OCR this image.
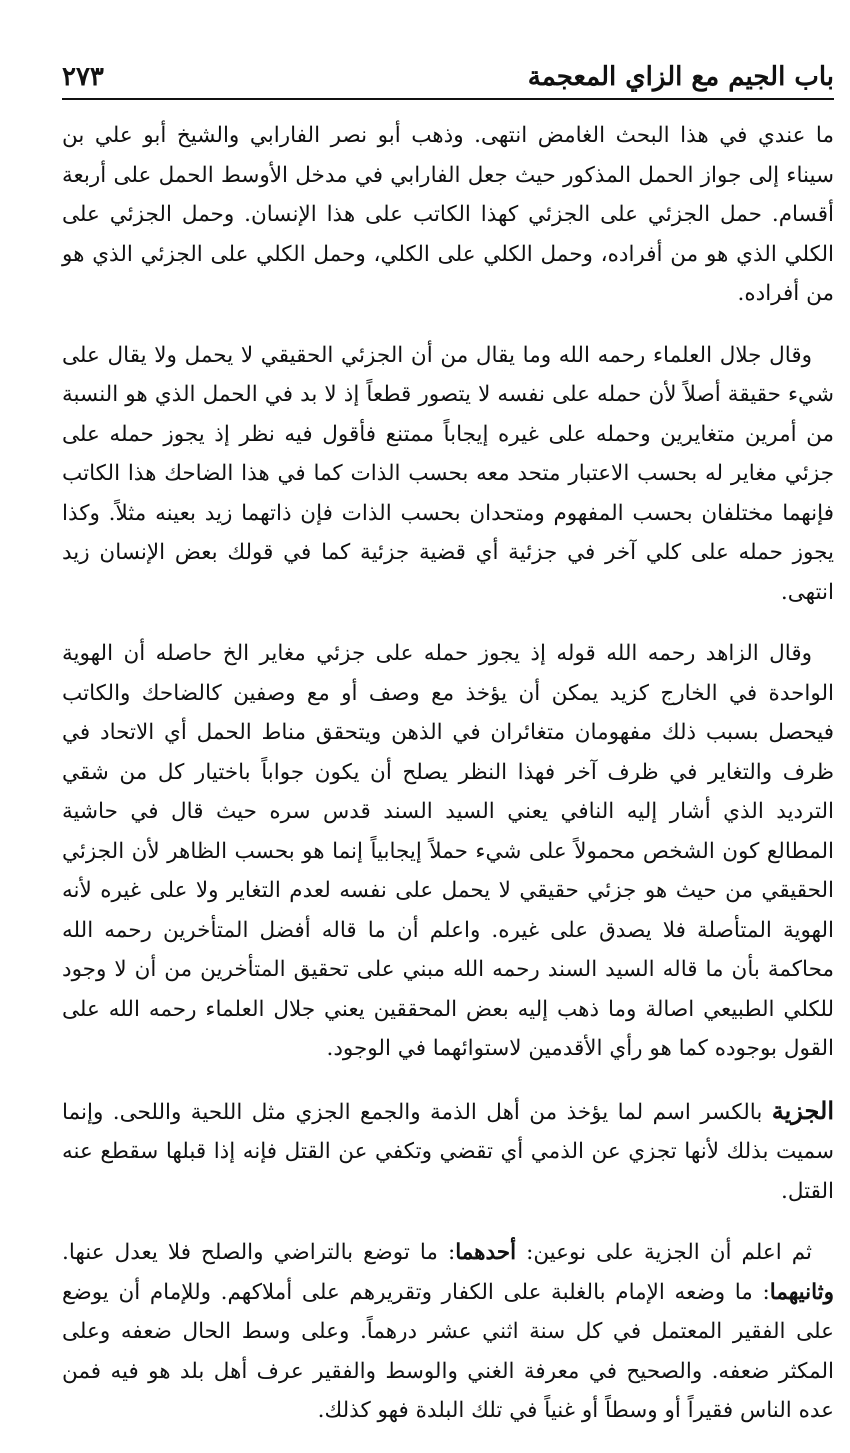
باب الجيم مع الزاي المعجمة
٢٧٣

ما عندي في هذا البحث الغامض انتهى. وذهب أبو نصر الفارابي والشيخ أبو علي بن سيناء إلى جواز الحمل المذكور حيث جعل الفارابي في مدخل الأوسط الحمل على أربعة أقسام. حمل الجزئي على الجزئي كهذا الكاتب على هذا الإنسان. وحمل الجزئي على الكلي الذي هو من أفراده، وحمل الكلي على الكلي، وحمل الكلي على الجزئي الذي هو من أفراده.

وقال جلال العلماء رحمه الله وما يقال من أن الجزئي الحقيقي لا يحمل ولا يقال على شيء حقيقة أصلاً لأن حمله على نفسه لا يتصور قطعاً إذ لا بد في الحمل الذي هو النسبة من أمرين متغايرين وحمله على غيره إيجاباً ممتنع فأقول فيه نظر إذ يجوز حمله على جزئي مغاير له بحسب الاعتبار متحد معه بحسب الذات كما في هذا الضاحك هذا الكاتب فإنهما مختلفان بحسب المفهوم ومتحدان بحسب الذات فإن ذاتهما زيد بعينه مثلاً. وكذا يجوز حمله على كلي آخر في جزئية أي قضية جزئية كما في قولك بعض الإنسان زيد انتهى.

وقال الزاهد رحمه الله قوله إذ يجوز حمله على جزئي مغاير الخ حاصله أن الهوية الواحدة في الخارج كزيد يمكن أن يؤخذ مع وصف أو مع وصفين كالضاحك والكاتب فيحصل بسبب ذلك مفهومان متغائران في الذهن ويتحقق مناط الحمل أي الاتحاد في ظرف والتغاير في ظرف آخر فهذا النظر يصلح أن يكون جواباً باختيار كل من شقي الترديد الذي أشار إليه النافي يعني السيد السند قدس سره حيث قال في حاشية المطالع كون الشخص محمولاً على شيء حملاً إيجابياً إنما هو بحسب الظاهر لأن الجزئي الحقيقي من حيث هو جزئي حقيقي لا يحمل على نفسه لعدم التغاير ولا على غيره لأنه الهوية المتأصلة فلا يصدق على غيره. واعلم أن ما قاله أفضل المتأخرين رحمه الله محاكمة بأن ما قاله السيد السند رحمه الله مبني على تحقيق المتأخرين من أن لا وجود للكلي الطبيعي اصالة وما ذهب إليه بعض المحققين يعني جلال العلماء رحمه الله على القول بوجوده كما هو رأي الأقدمين لاستوائهما في الوجود.

الجزية بالكسر اسم لما يؤخذ من أهل الذمة والجمع الجزي مثل اللحية واللحى. وإنما سميت بذلك لأنها تجزي عن الذمي أي تقضي وتكفي عن القتل فإنه إذا قبلها سقطع عنه القتل.

ثم اعلم أن الجزية على نوعين: أحدهما: ما توضع بالتراضي والصلح فلا يعدل عنها. وثانيهما: ما وضعه الإمام بالغلبة على الكفار وتقريرهم على أملاكهم. وللإمام أن يوضع على الفقير المعتمل في كل سنة اثني عشر درهماً. وعلى وسط الحال ضعفه وعلى المكثر ضعفه. والصحيح في معرفة الغني والوسط والفقير عرف أهل بلد هو فيه فمن عده الناس فقيراً أو وسطاً أو غنياً في تلك البلدة فهو كذلك.
